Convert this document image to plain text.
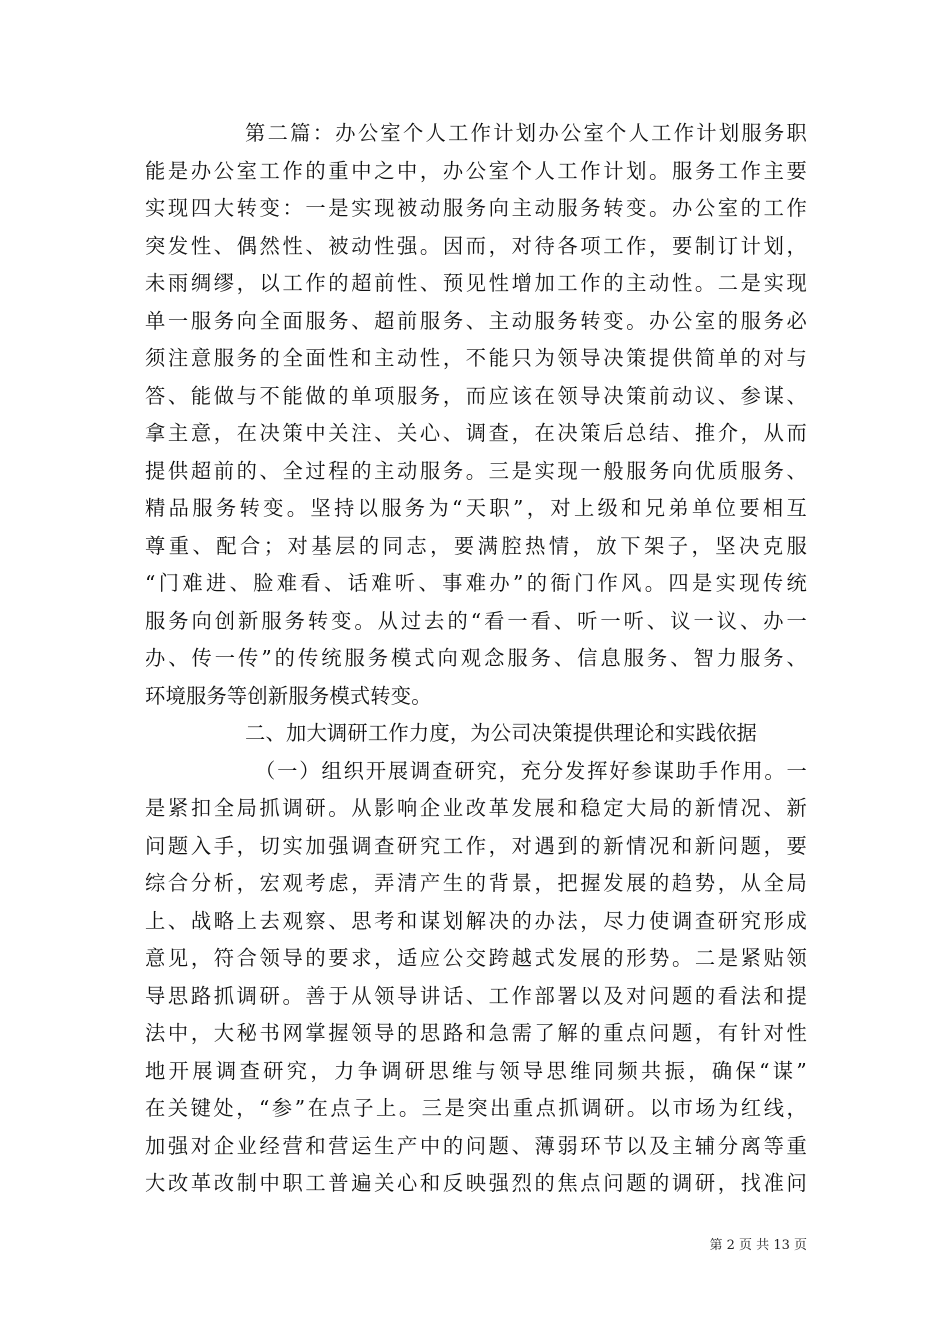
第二篇：办公室个人工作计划办公室个人工作计划服务职
能是办公室工作的重中之中，办公室个人工作计划。服务工作主要
实现四大转变：一是实现被动服务向主动服务转变。办公室的工作
突发性、偶然性、被动性强。因而，对待各项工作，要制订计划，
未雨绸缪，以工作的超前性、预见性增加工作的主动性。二是实现
单一服务向全面服务、超前服务、主动服务转变。办公室的服务必
须注意服务的全面性和主动性，不能只为领导决策提供简单的对与
答、能做与不能做的单项服务，而应该在领导决策前动议、参谋、
拿主意，在决策中关注、关心、调查，在决策后总结、推介，从而
提供超前的、全过程的主动服务。三是实现一般服务向优质服务、
精品服务转变。坚持以服务为“天职”，对上级和兄弟单位要相互
尊重、配合；对基层的同志，要满腔热情，放下架子，坚决克服
“门难进、脸难看、话难听、事难办”的衙门作风。四是实现传统
服务向创新服务转变。从过去的“看一看、听一听、议一议、办一
办、传一传”的传统服务模式向观念服务、信息服务、智力服务、
环境服务等创新服务模式转变。
二、加大调研工作力度，为公司决策提供理论和实践依据
（一）组织开展调查研究，充分发挥好参谋助手作用。一
是紧扣全局抓调研。从影响企业改革发展和稳定大局的新情况、新
问题入手，切实加强调查研究工作，对遇到的新情况和新问题，要
综合分析，宏观考虑，弄清产生的背景，把握发展的趋势，从全局
上、战略上去观察、思考和谋划解决的办法，尽力使调查研究形成
意见，符合领导的要求，适应公交跨越式发展的形势。二是紧贴领
导思路抓调研。善于从领导讲话、工作部署以及对问题的看法和提
法中，大秘书网掌握领导的思路和急需了解的重点问题，有针对性
地开展调查研究，力争调研思维与领导思维同频共振，确保“谋”
在关键处，“参”在点子上。三是突出重点抓调研。以市场为红线，
加强对企业经营和营运生产中的问题、薄弱环节以及主辅分离等重
大改革改制中职工普遍关心和反映强烈的焦点问题的调研，找准问
第 2 页 共 13 页
